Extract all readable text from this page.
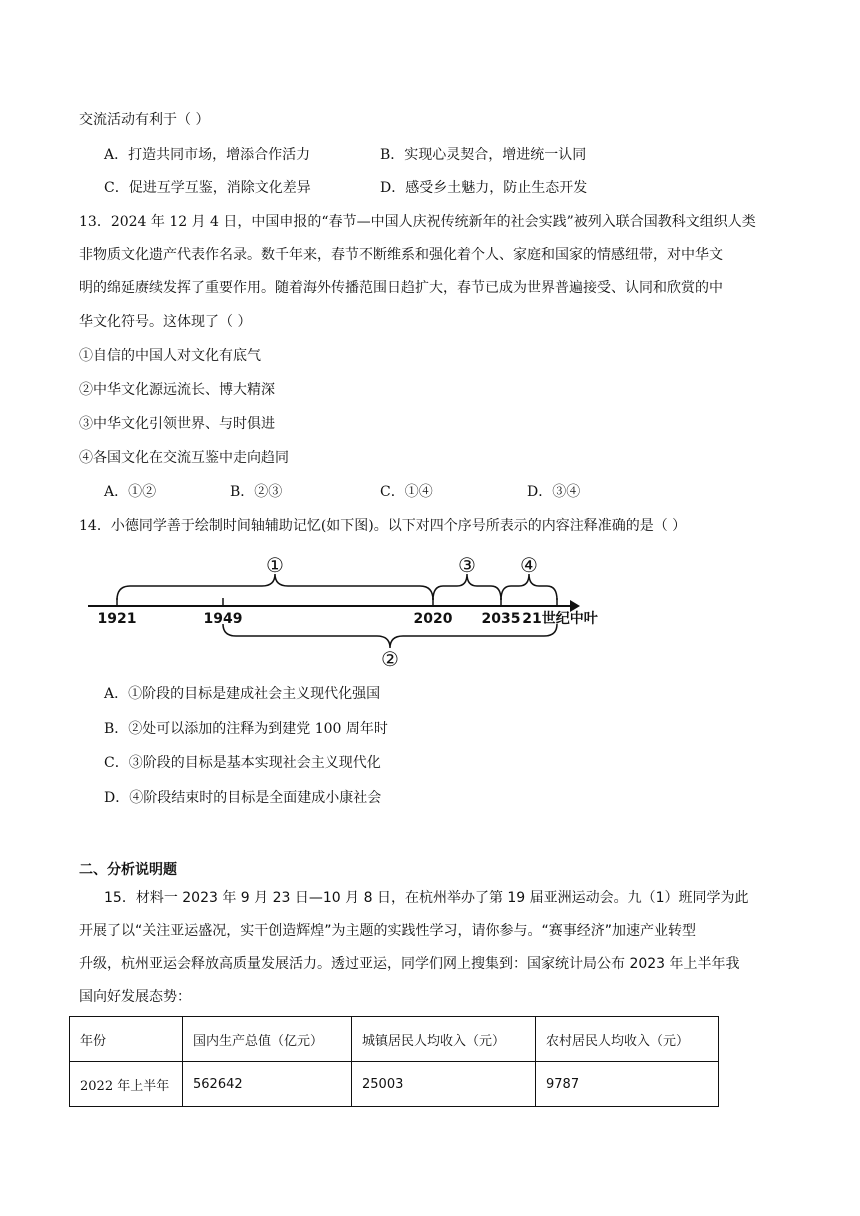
交流活动有利于（ ）
A．打造共同市场，增添合作活力	B．实现心灵契合，增进统一认同
C．促进互学互鉴，消除文化差异	D．感受乡土魅力，防止生态开发
13．2024 年 12 月 4 日，中国申报的“春节—中国人庆祝传统新年的社会实践”被列入联合国教科文组织人类
非物质文化遗产代表作名录。数千年来，春节不断维系和强化着个人、家庭和国家的情感纽带，对中华文
明的绵延赓续发挥了重要作用。随着海外传播范围日趋扩大，春节已成为世界普遍接受、认同和欣赏的中
华文化符号。这体现了（ ）
①自信的中国人对文化有底气
②中华文化源远流长、博大精深
③中华文化引领世界、与时俱进
④各国文化在交流互鉴中走向趋同
A．①②	B．②③	C．①④	D．③④
14．小德同学善于绘制时间轴辅助记忆(如下图)。以下对四个序号所表示的内容注释准确的是（ ）
①
②
③ ④
1921	1949	2020 2035 21世纪中叶
A．①阶段的目标是建成社会主义现代化强国
B．②处可以添加的注释为到建党 100 周年时
C．③阶段的目标是基本实现社会主义现代化
D．④阶段结束时的目标是全面建成小康社会
二、分析说明题
15．材料一 2023 年 9 月 23 日—10 月 8 日，在杭州举办了第 19 届亚洲运动会。九（1）班同学为此
开展了以“关注亚运盛况，实干创造辉煌”为主题的实践性学习，请你参与。“赛事经济”加速产业转型
升级，杭州亚运会释放高质量发展活力。透过亚运，同学们网上搜集到：国家统计局公布 2023 年上半年我
国向好发展态势：
年份	国内生产总值（亿元）	城镇居民人均收入（元）	农村居民人均收入（元）
2022 年上半年	562642	25003	9787
